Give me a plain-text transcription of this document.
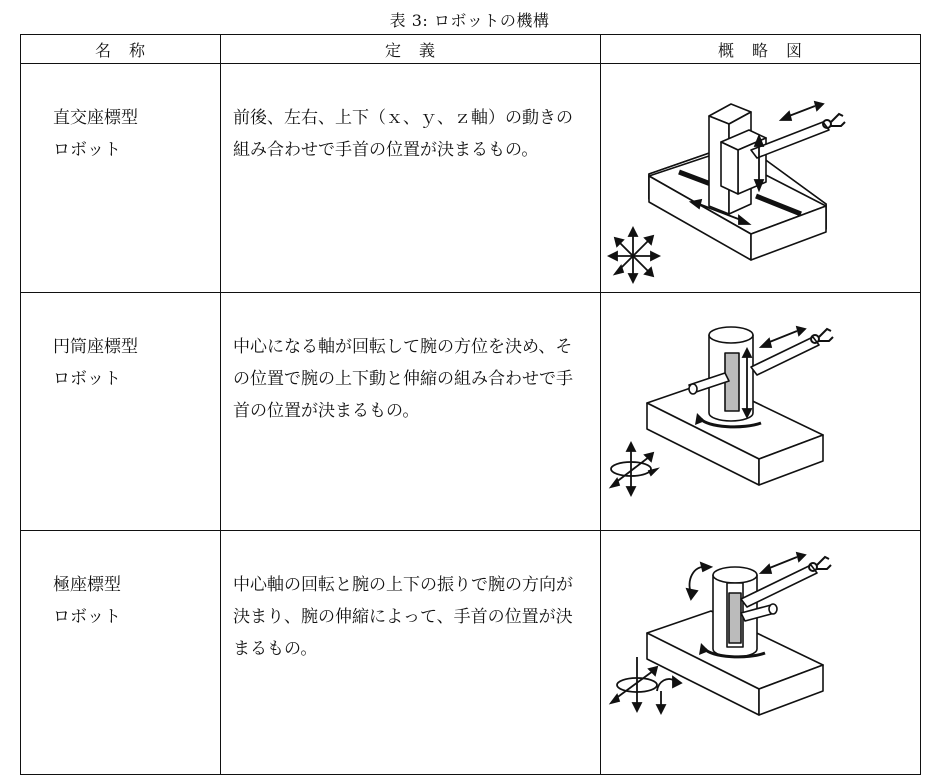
表 3: ロボットの機構
名　称	定　義	概　略　図

直交座標型
ロボット	前後、左右、上下（ｘ、ｙ、ｚ軸）の動きの組み合わせで手首の位置が決まるもの。	

円筒座標型
ロボット	中心になる軸が回転して腕の方位を決め、その位置で腕の上下動と伸縮の組み合わせで手首の位置が決まるもの。	

極座標型
ロボット	中心軸の回転と腕の上下の振りで腕の方向が決まり、腕の伸縮によって、手首の位置が決まるもの。	
